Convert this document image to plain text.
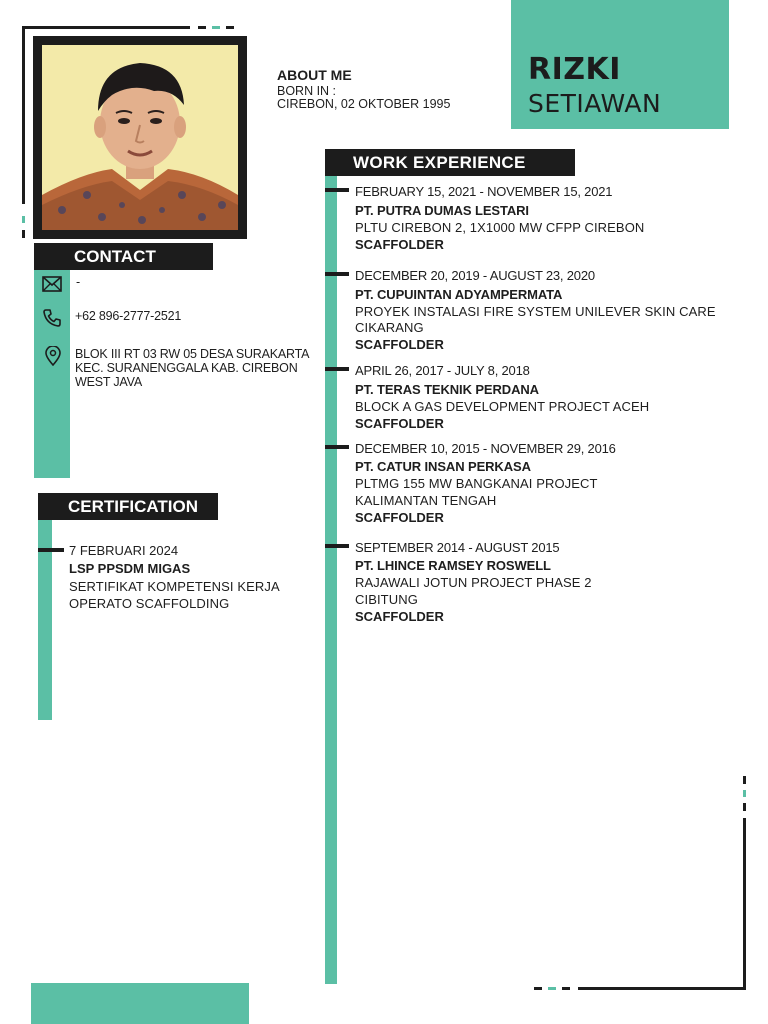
RIZKI
SETIAWAN
ABOUT ME
BORN IN :
CIREBON, 02 OKTOBER 1995
CONTACT
-
+62 896-2777-2521
BLOK III RT 03 RW 05 DESA SURAKARTA
KEC. SURANENGGALA KAB. CIREBON
WEST JAVA
CERTIFICATION
7 FEBRUARI 2024
LSP PPSDM MIGAS
SERTIFIKAT KOMPETENSI KERJA
OPERATO SCAFFOLDING
WORK EXPERIENCE
FEBRUARY 15, 2021 - NOVEMBER 15, 2021
PT. PUTRA DUMAS LESTARI
PLTU CIREBON 2, 1X1000 MW CFPP CIREBON
SCAFFOLDER
DECEMBER 20, 2019 - AUGUST 23, 2020
PT. CUPUINTAN ADYAMPERMATA
PROYEK INSTALASI FIRE SYSTEM UNILEVER SKIN CARE
CIKARANG
SCAFFOLDER
APRIL 26, 2017 - JULY 8, 2018
PT. TERAS TEKNIK PERDANA
BLOCK A GAS DEVELOPMENT PROJECT ACEH
SCAFFOLDER
DECEMBER 10, 2015 - NOVEMBER 29, 2016
PT. CATUR INSAN PERKASA
PLTMG 155 MW BANGKANAI PROJECT
KALIMANTAN TENGAH
SCAFFOLDER
SEPTEMBER 2014 - AUGUST 2015
PT. LHINCE RAMSEY ROSWELL
RAJAWALI JOTUN PROJECT PHASE 2
CIBITUNG
SCAFFOLDER
